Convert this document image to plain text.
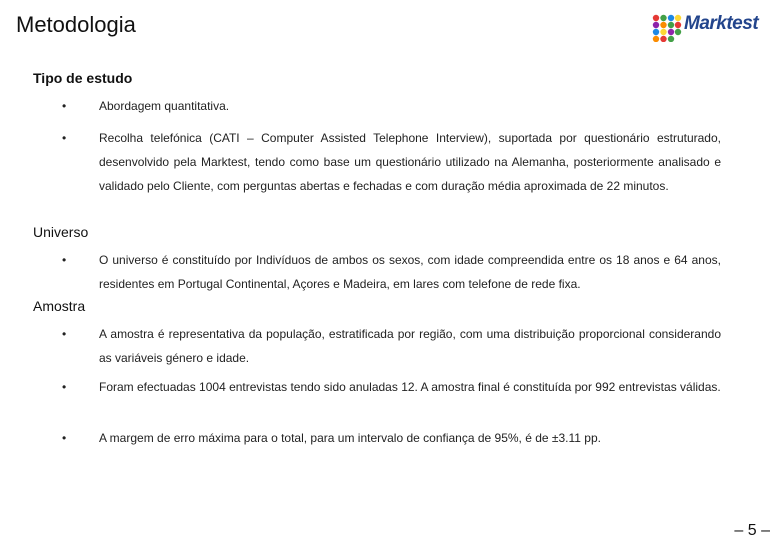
Metodologia	Marktest
Tipo de estudo
•	Abordagem quantitativa.

•	Recolha telefónica (CATI – Computer Assisted Telephone Interview), suportada por questionário estruturado, desenvolvido pela Marktest, tendo como base um questionário utilizado na Alemanha, posteriormente analisado e validado pelo Cliente, com perguntas abertas e fechadas e com duração média aproximada de 22 minutos.

Universo
•	O universo é constituído por Indivíduos de ambos os sexos, com idade compreendida entre os 18 anos e 64 anos, residentes em Portugal Continental, Açores e Madeira, em lares com telefone de rede fixa.

Amostra
•	A amostra é representativa da população, estratificada por região, com uma distribuição proporcional considerando as variáveis género e idade.

•	Foram efectuadas 1004 entrevistas tendo sido anuladas 12. A amostra final é constituída por 992 entrevistas válidas.

•	A margem de erro máxima para o total, para um intervalo de confiança de 95%, é de ±3.11 pp.

– 5 –
